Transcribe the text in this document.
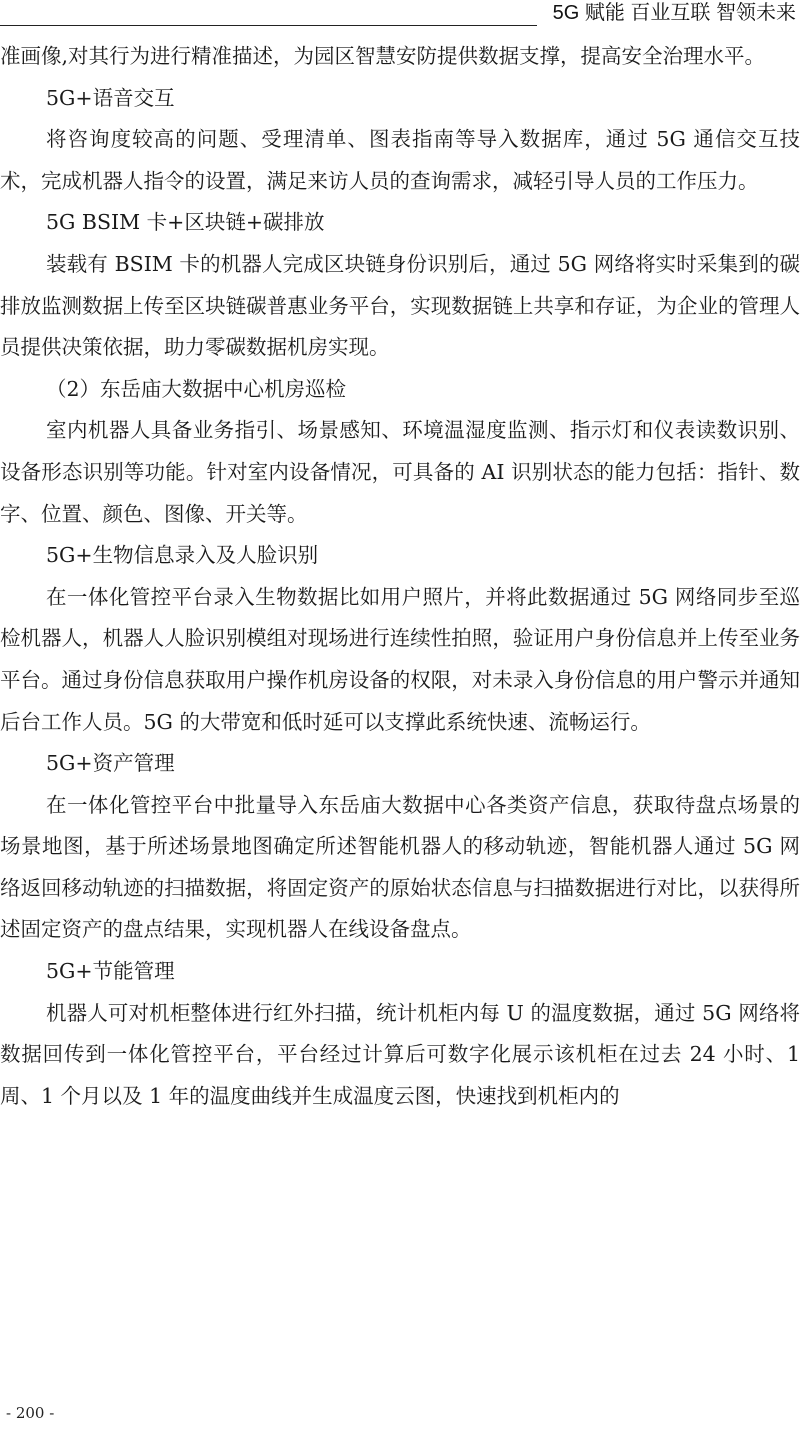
5G 赋能 百业互联 智领未来

准画像,对其行为进行精准描述，为园区智慧安防提供数据支撑，提高安全治理水平。

5G+语音交互

将咨询度较高的问题、受理清单、图表指南等导入数据库，通过 5G 通信交互技术，完成机器人指令的设置，满足来访人员的查询需求，减轻引导人员的工作压力。

5G BSIM 卡+区块链+碳排放

装载有 BSIM 卡的机器人完成区块链身份识别后，通过 5G 网络将实时采集到的碳排放监测数据上传至区块链碳普惠业务平台，实现数据链上共享和存证，为企业的管理人员提供决策依据，助力零碳数据机房实现。

（2）东岳庙大数据中心机房巡检

室内机器人具备业务指引、场景感知、环境温湿度监测、指示灯和仪表读数识别、设备形态识别等功能。针对室内设备情况，可具备的 AI 识别状态的能力包括：指针、数字、位置、颜色、图像、开关等。

5G+生物信息录入及人脸识别

在一体化管控平台录入生物数据比如用户照片，并将此数据通过 5G 网络同步至巡检机器人，机器人人脸识别模组对现场进行连续性拍照，验证用户身份信息并上传至业务平台。通过身份信息获取用户操作机房设备的权限，对未录入身份信息的用户警示并通知后台工作人员。5G 的大带宽和低时延可以支撑此系统快速、流畅运行。

5G+资产管理

在一体化管控平台中批量导入东岳庙大数据中心各类资产信息，获取待盘点场景的场景地图，基于所述场景地图确定所述智能机器人的移动轨迹，智能机器人通过 5G 网络返回移动轨迹的扫描数据，将固定资产的原始状态信息与扫描数据进行对比，以获得所述固定资产的盘点结果，实现机器人在线设备盘点。

5G+节能管理

机器人可对机柜整体进行红外扫描，统计机柜内每 U 的温度数据，通过 5G 网络将数据回传到一体化管控平台，平台经过计算后可数字化展示该机柜在过去 24 小时、1 周、1 个月以及 1 年的温度曲线并生成温度云图，快速找到机柜内的

- 200 -
